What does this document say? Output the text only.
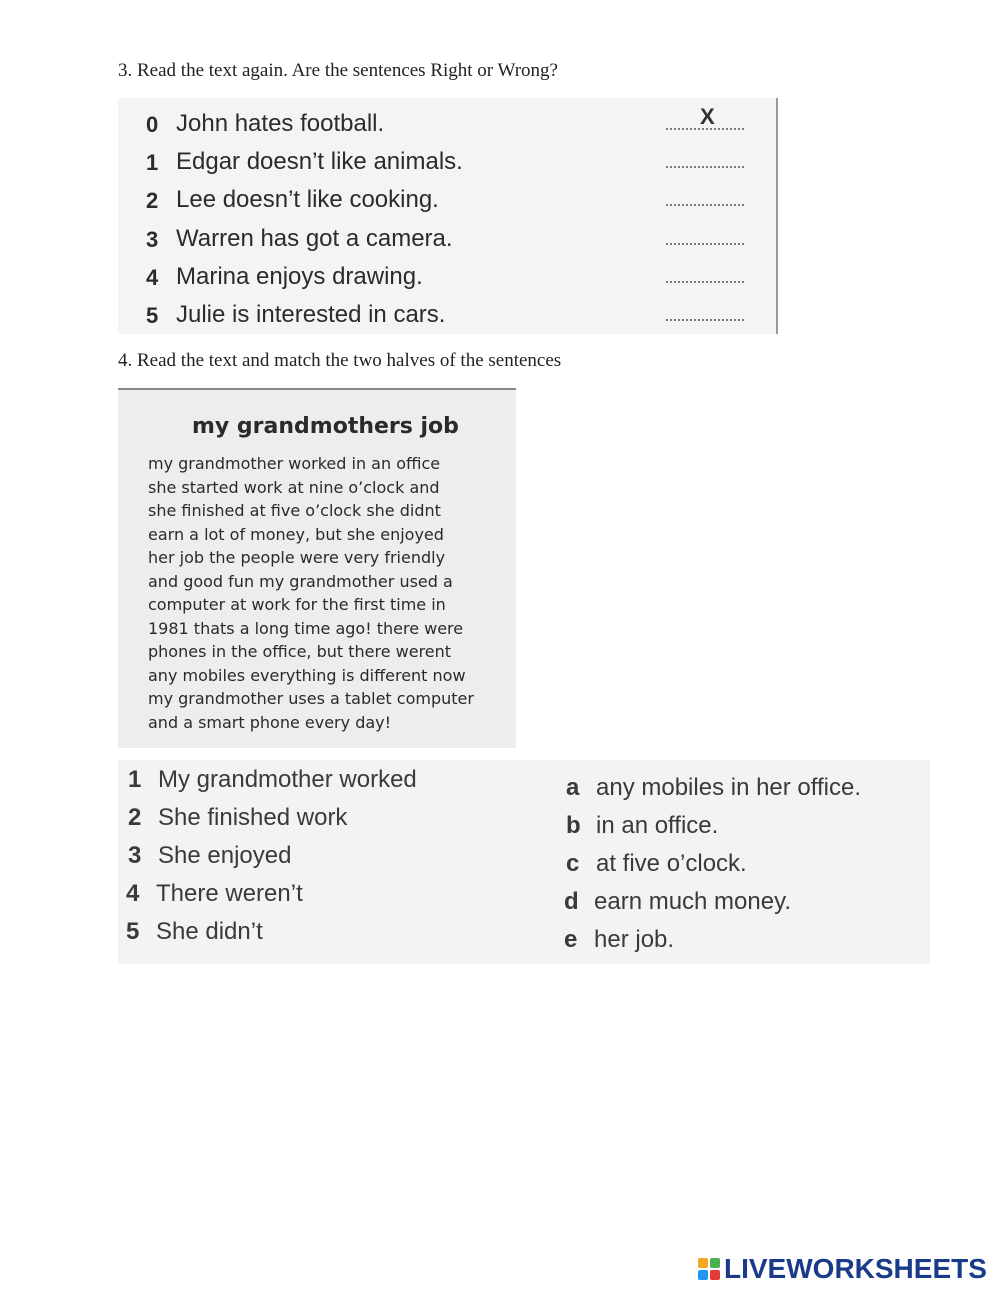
3. Read the text again. Are the sentences Right or Wrong?
0 John hates football.	X
1 Edgar doesn’t like animals.
2 Lee doesn’t like cooking.
3 Warren has got a camera.
4 Marina enjoys drawing.
5 Julie is interested in cars.
4. Read the text and match the two halves of the sentences
my grandmothers job
my grandmother worked in an office
she started work at nine o’clock and
she finished at five o’clock she didnt
earn a lot of money, but she enjoyed
her job the people were very friendly
and good fun my grandmother used a
computer at work for the first time in
1981 thats a long time ago! there were
phones in the office, but there werent
any mobiles everything is different now
my grandmother uses a tablet computer
and a smart phone every day!
1 My grandmother worked
2 She finished work
3 She enjoyed
4 There weren’t
5 She didn’t
a any mobiles in her office.
b in an office.
c at five o’clock.
d earn much money.
e her job.
LIVEWORKSHEETS
